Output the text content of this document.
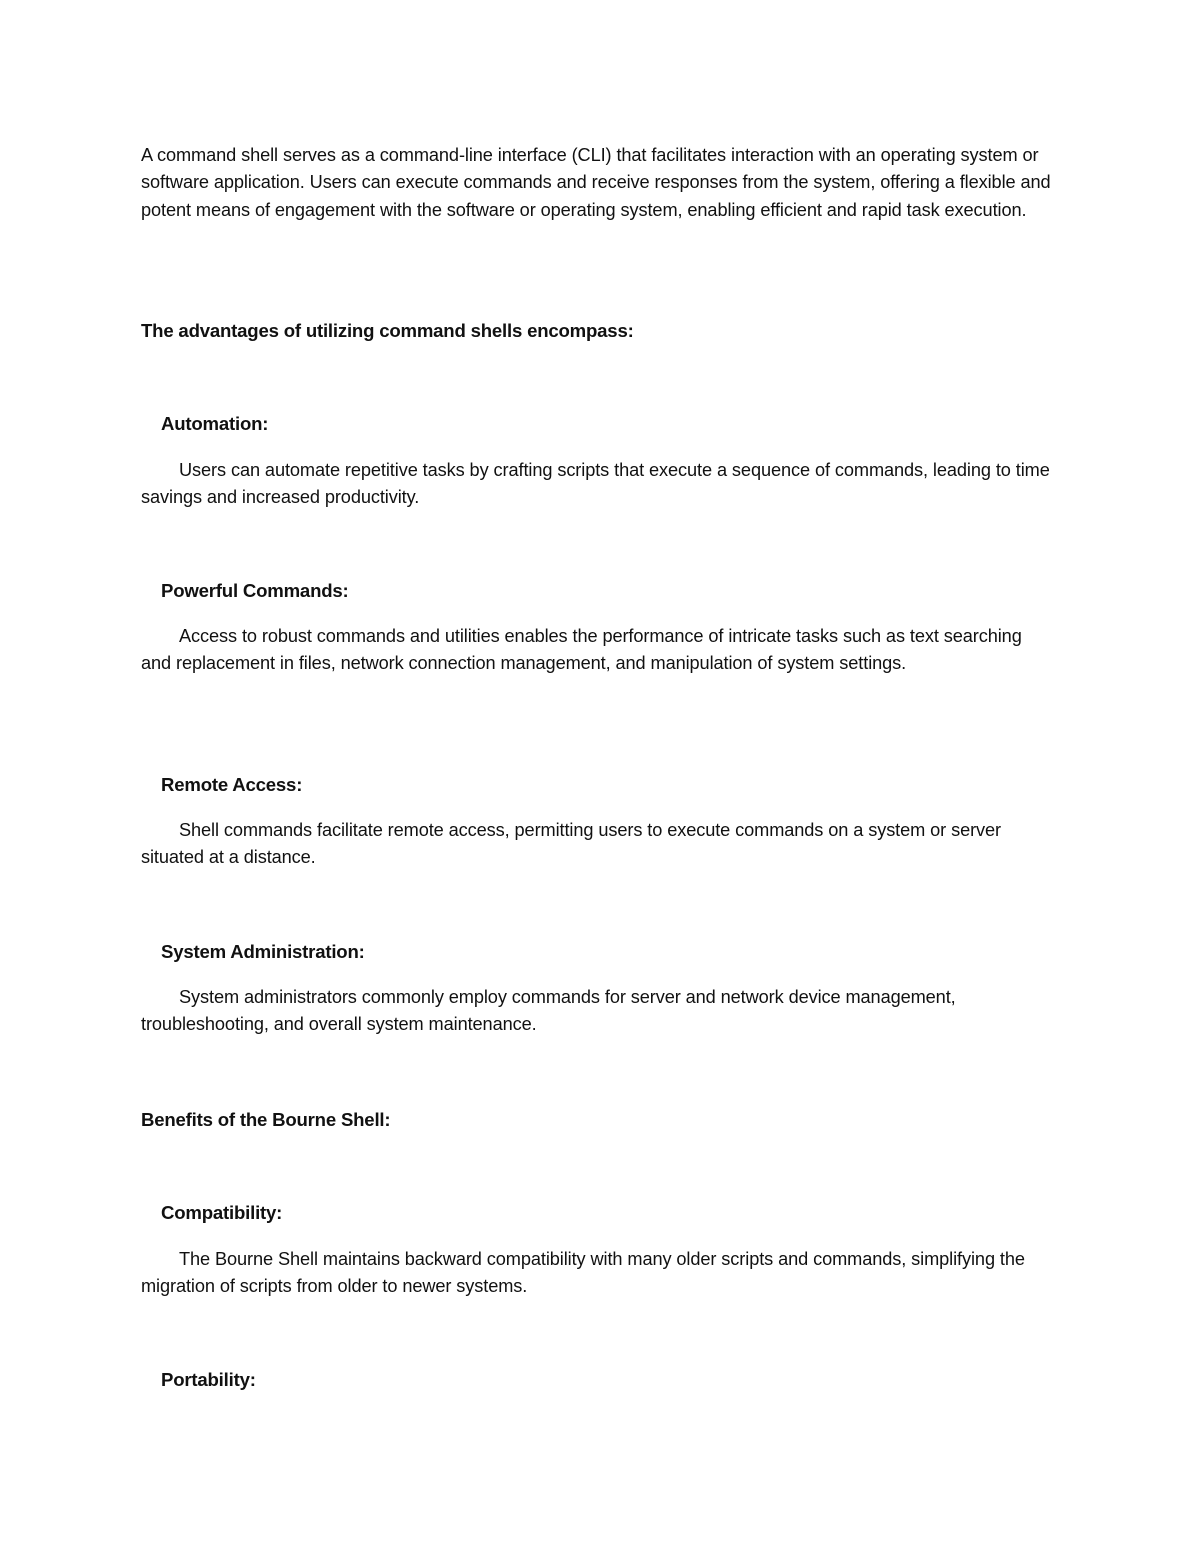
A command shell serves as a command-line interface (CLI) that facilitates interaction with an operating system or software application. Users can execute commands and receive responses from the system, offering a flexible and potent means of engagement with the software or operating system, enabling efficient and rapid task execution.

The advantages of utilizing command shells encompass:
Automation:

Users can automate repetitive tasks by crafting scripts that execute a sequence of commands, leading to time savings and increased productivity.

Powerful Commands:

Access to robust commands and utilities enables the performance of intricate tasks such as text searching and replacement in files, network connection management, and manipulation of system settings.

Remote Access:

Shell commands facilitate remote access, permitting users to execute commands on a system or server situated at a distance.

System Administration:

System administrators commonly employ commands for server and network device management, troubleshooting, and overall system maintenance.

Benefits of the Bourne Shell:
Compatibility:

The Bourne Shell maintains backward compatibility with many older scripts and commands, simplifying the migration of scripts from older to newer systems.

Portability:
